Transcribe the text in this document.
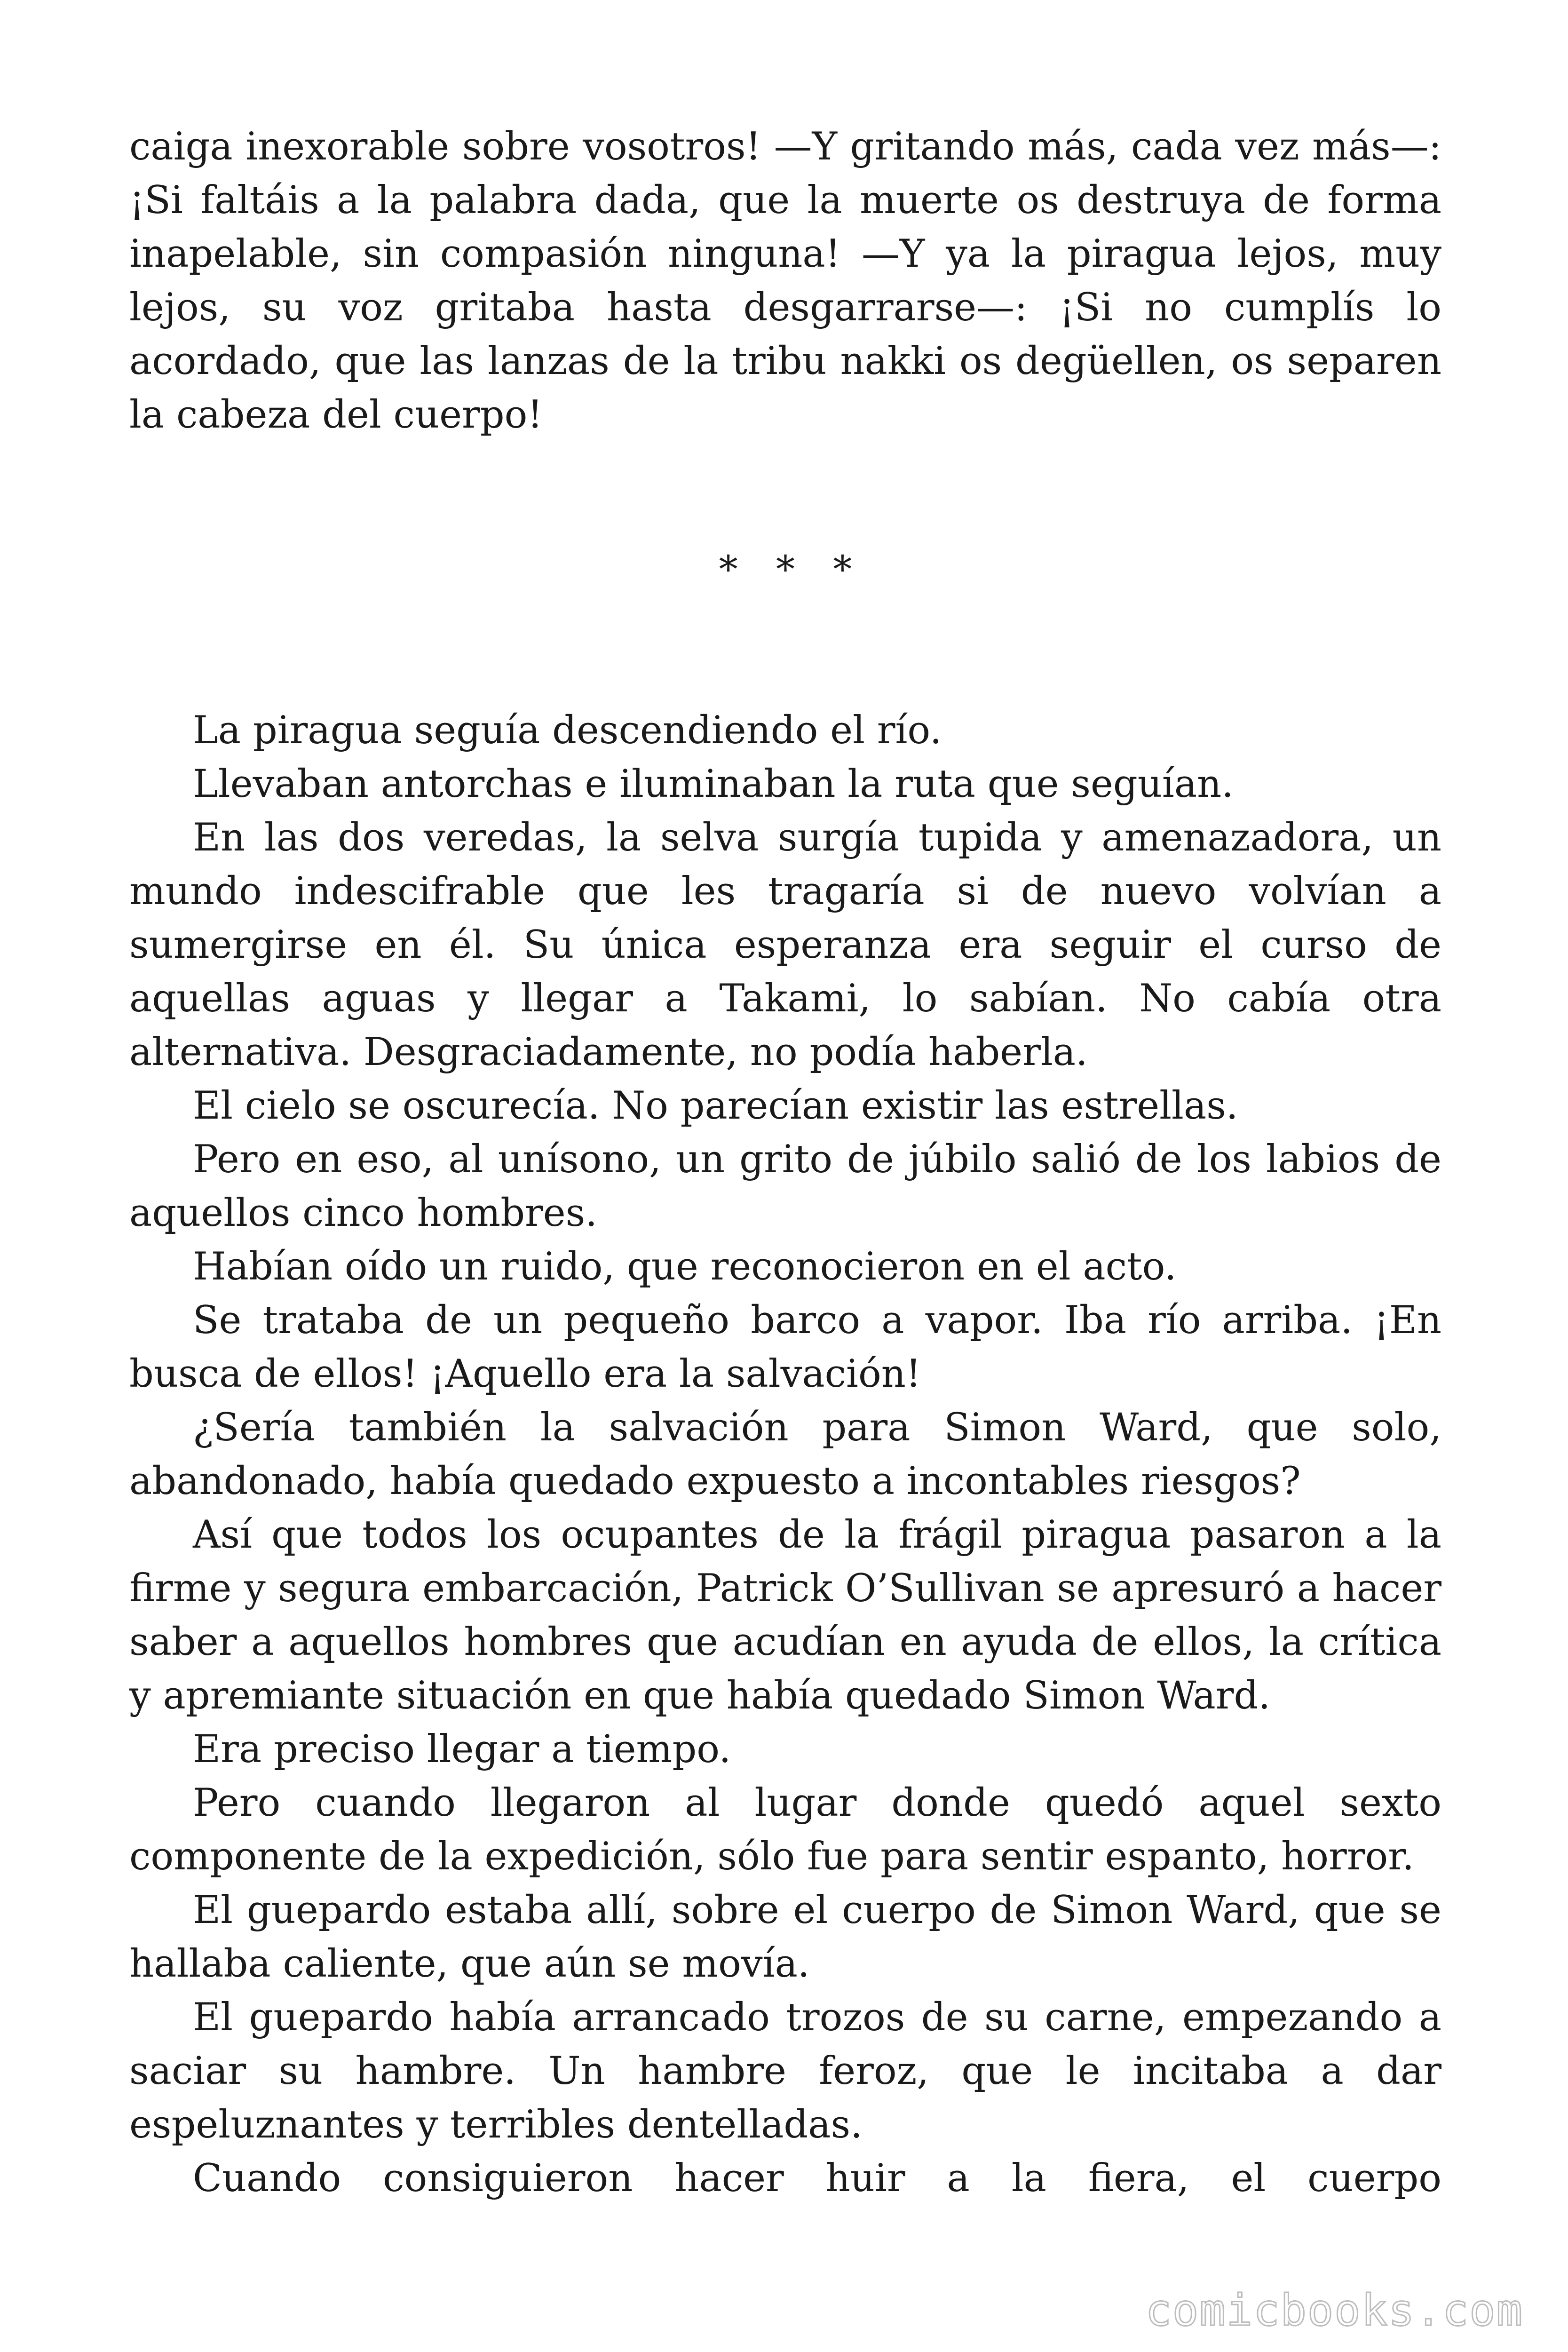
caiga inexorable sobre vosotros! —Y gritando más, cada vez más—: ¡Si faltáis a la palabra dada, que la muerte os destruya de forma inapelable, sin compasión ninguna! —Y ya la piragua lejos, muy lejos, su voz gritaba hasta desgarrarse—: ¡Si no cumplís lo acordado, que las lanzas de la tribu nakki os degüellen, os separen la cabeza del cuerpo!

* * *

La piragua seguía descendiendo el río.

Llevaban antorchas e iluminaban la ruta que seguían.

En las dos veredas, la selva surgía tupida y amenazadora, un mundo indescifrable que les tragaría si de nuevo volvían a sumergirse en él. Su única esperanza era seguir el curso de aquellas aguas y llegar a Takami, lo sabían. No cabía otra alternativa. Desgraciadamente, no podía haberla.

El cielo se oscurecía. No parecían existir las estrellas.

Pero en eso, al unísono, un grito de júbilo salió de los labios de aquellos cinco hombres.

Habían oído un ruido, que reconocieron en el acto.

Se trataba de un pequeño barco a vapor. Iba río arriba. ¡En busca de ellos! ¡Aquello era la salvación!

¿Sería también la salvación para Simon Ward, que solo, abandonado, había quedado expuesto a incontables riesgos?

Así que todos los ocupantes de la frágil piragua pasaron a la firme y segura embarcación, Patrick O’Sullivan se apresuró a hacer saber a aquellos hombres que acudían en ayuda de ellos, la crítica y apremiante situación en que había quedado Simon Ward.

Era preciso llegar a tiempo.

Pero cuando llegaron al lugar donde quedó aquel sexto componente de la expedición, sólo fue para sentir espanto, horror.

El guepardo estaba allí, sobre el cuerpo de Simon Ward, que se hallaba caliente, que aún se movía.

El guepardo había arrancado trozos de su carne, empezando a saciar su hambre. Un hambre feroz, que le incitaba a dar espeluznantes y terribles dentelladas.

Cuando consiguieron hacer huir a la fiera, el cuerpo

comicbooks.com
